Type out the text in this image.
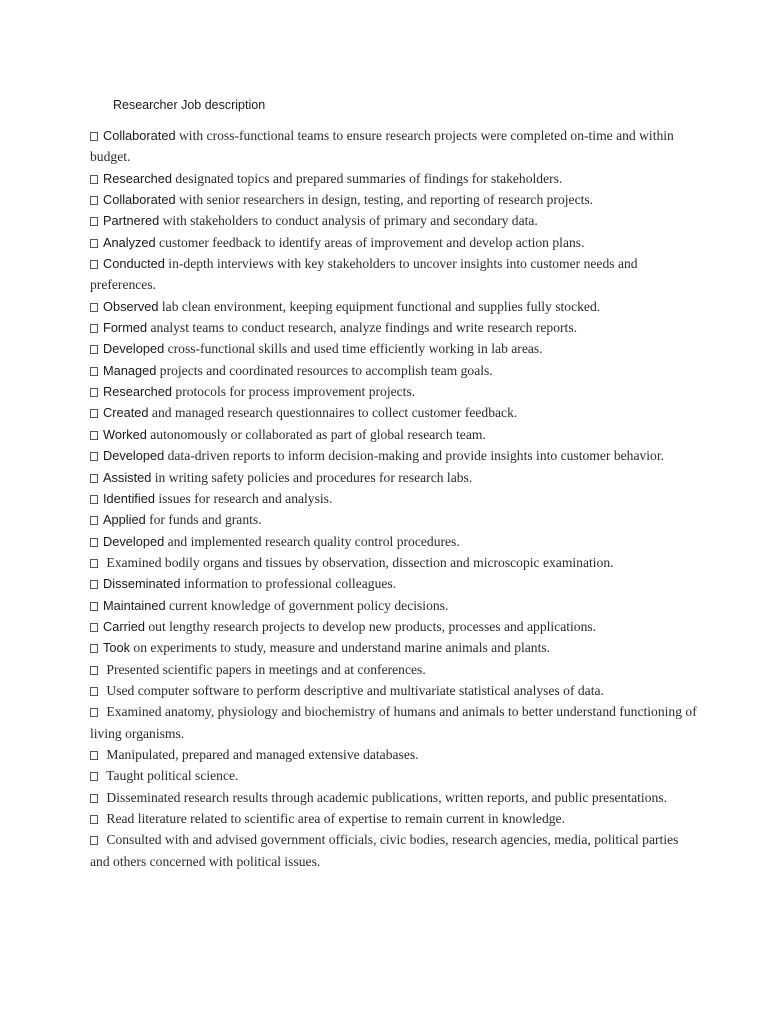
Researcher Job description
Collaborated with cross-functional teams to ensure research projects were completed on-time and within budget.
Researched designated topics and prepared summaries of findings for stakeholders.
Collaborated with senior researchers in design, testing, and reporting of research projects.
Partnered with stakeholders to conduct analysis of primary and secondary data.
Analyzed customer feedback to identify areas of improvement and develop action plans.
Conducted in-depth interviews with key stakeholders to uncover insights into customer needs and preferences.
Observed lab clean environment, keeping equipment functional and supplies fully stocked.
Formed analyst teams to conduct research, analyze findings and write research reports.
Developed cross-functional skills and used time efficiently working in lab areas.
Managed projects and coordinated resources to accomplish team goals.
Researched protocols for process improvement projects.
Created and managed research questionnaires to collect customer feedback.
Worked autonomously or collaborated as part of global research team.
Developed data-driven reports to inform decision-making and provide insights into customer behavior.
Assisted in writing safety policies and procedures for research labs.
Identified issues for research and analysis.
Applied for funds and grants.
Developed and implemented research quality control procedures.
Examined bodily organs and tissues by observation, dissection and microscopic examination.
Disseminated information to professional colleagues.
Maintained current knowledge of government policy decisions.
Carried out lengthy research projects to develop new products, processes and applications.
Took on experiments to study, measure and understand marine animals and plants.
Presented scientific papers in meetings and at conferences.
Used computer software to perform descriptive and multivariate statistical analyses of data.
Examined anatomy, physiology and biochemistry of humans and animals to better understand functioning of living organisms.
Manipulated, prepared and managed extensive databases.
Taught political science.
Disseminated research results through academic publications, written reports, and public presentations.
Read literature related to scientific area of expertise to remain current in knowledge.
Consulted with and advised government officials, civic bodies, research agencies, media, political parties and others concerned with political issues.
